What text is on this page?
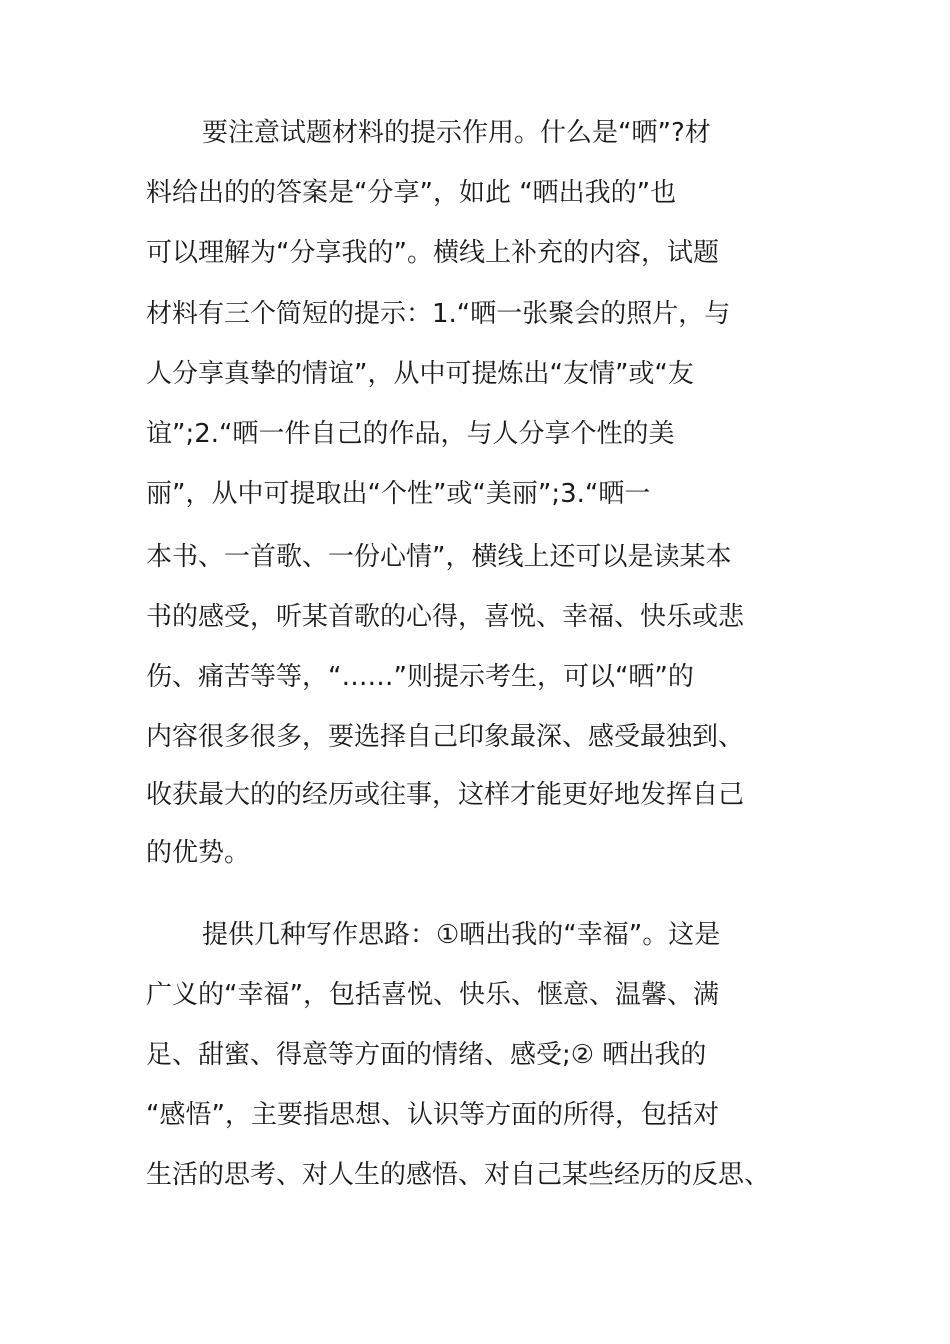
要注意试题材料的提示作用。什么是“晒”?材

料给出的的答案是“分享”，如此 “晒出我的”也

可以理解为“分享我的”。横线上补充的内容，试题

材料有三个简短的提示：1.“晒一张聚会的照片，与

人分享真挚的情谊”，从中可提炼出“友情”或“友

谊”;2.“晒一件自己的作品，与人分享个性的美

丽”，从中可提取出“个性”或“美丽”;3.“晒一

本书、一首歌、一份心情”，横线上还可以是读某本

书的感受，听某首歌的心得，喜悦、幸福、快乐或悲

伤、痛苦等等，“……”则提示考生，可以“晒”的

内容很多很多，要选择自己印象最深、感受最独到、

收获最大的的经历或往事，这样才能更好地发挥自己

的优势。

提供几种写作思路：①晒出我的“幸福”。这是

广义的“幸福”，包括喜悦、快乐、惬意、温馨、满

足、甜蜜、得意等方面的情绪、感受;② 晒出我的

“感悟”，主要指思想、认识等方面的所得，包括对

生活的思考、对人生的感悟、对自己某些经历的反思、
